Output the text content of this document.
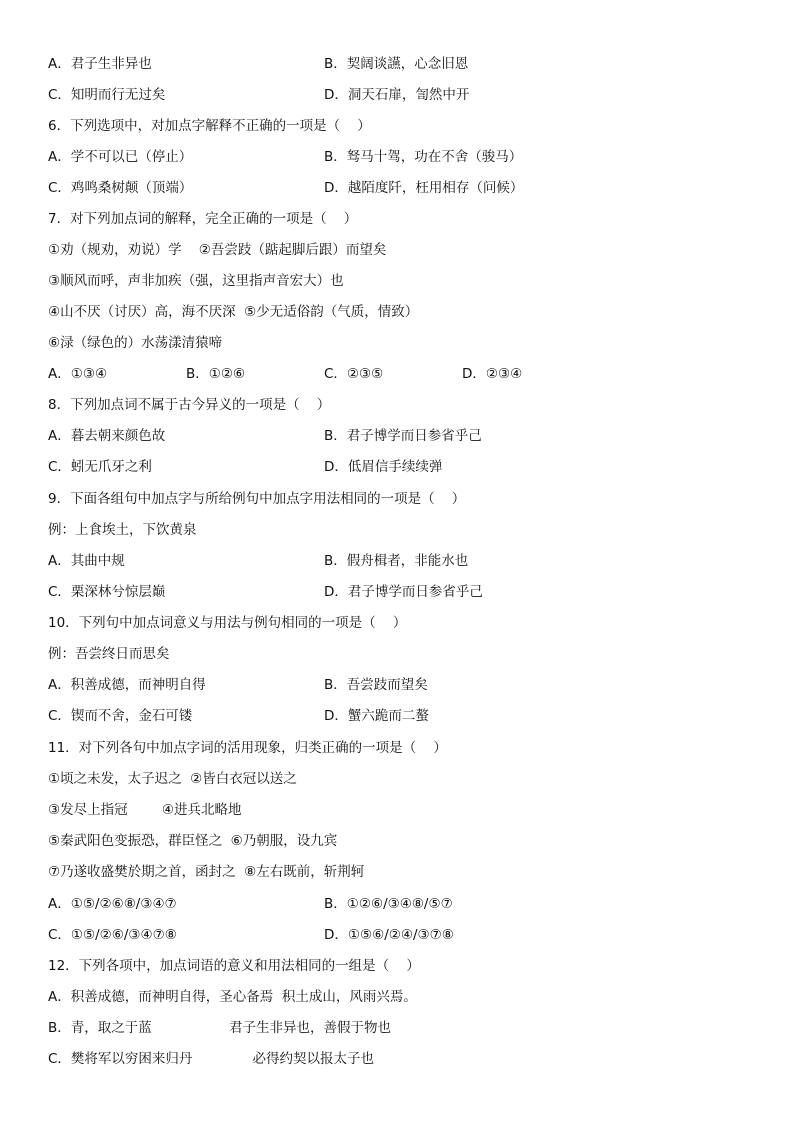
A．君子生非异也	B．契阔谈讌，心念旧恩
C．知明而行无过矣	D．洞天石扉，訇然中开
6．下列选项中，对加点字解释不正确的一项是（    ）
A．学不可以已（停止）	B．驽马十驾，功在不舍（骏马）
C．鸡鸣桑树颠（顶端）	D．越陌度阡，枉用相存（问候）
7．对下列加点词的解释，完全正确的一项是（    ）
①劝（规劝，劝说）学    ②吾尝跂（踮起脚后跟）而望矣
③顺风而呼，声非加疾（强，这里指声音宏大）也
④山不厌（讨厌）高，海不厌深  ⑤少无适俗韵（气质，情致）
⑥渌（绿色的）水荡漾清猿啼
A．①③④	B．①②⑥	C．②③⑤	D．②③④
8．下列加点词不属于古今异义的一项是（    ）
A．暮去朝来颜色故	B．君子博学而日参省乎己
C．蚓无爪牙之利	D．低眉信手续续弹
9．下面各组句中加点字与所给例句中加点字用法相同的一项是（    ）
例：上食埃土，下饮黄泉
A．其曲中规	B．假舟楫者，非能水也
C．栗深林兮惊层巅	D．君子博学而日参省乎己
10．下列句中加点词意义与用法与例句相同的一项是（    ）
例：吾尝终日而思矣
A．积善成德，而神明自得	B．吾尝跂而望矣
C．锲而不舍，金石可镂	D．蟹六跪而二螯
11．对下列各句中加点字词的活用现象，归类正确的一项是（    ）
①顷之未发，太子迟之  ②皆白衣冠以送之
③发尽上指冠        ④进兵北略地
⑤秦武阳色变振恐，群臣怪之  ⑥乃朝服，设九宾
⑦乃遂收盛樊於期之首，函封之  ⑧左右既前，斩荆轲
A．①⑤/②⑥⑧/③④⑦	B．①②⑥/③④⑧/⑤⑦
C．①⑤/②⑥/③④⑦⑧	D．①⑤⑥/②④/③⑦⑧
12．下列各项中，加点词语的意义和用法相同的一组是（    ）
A．积善成德，而神明自得，圣心备焉  积土成山，风雨兴焉。
B．青，取之于蓝                  君子生非异也，善假于物也
C．樊将军以穷困来归丹              必得约契以报太子也
